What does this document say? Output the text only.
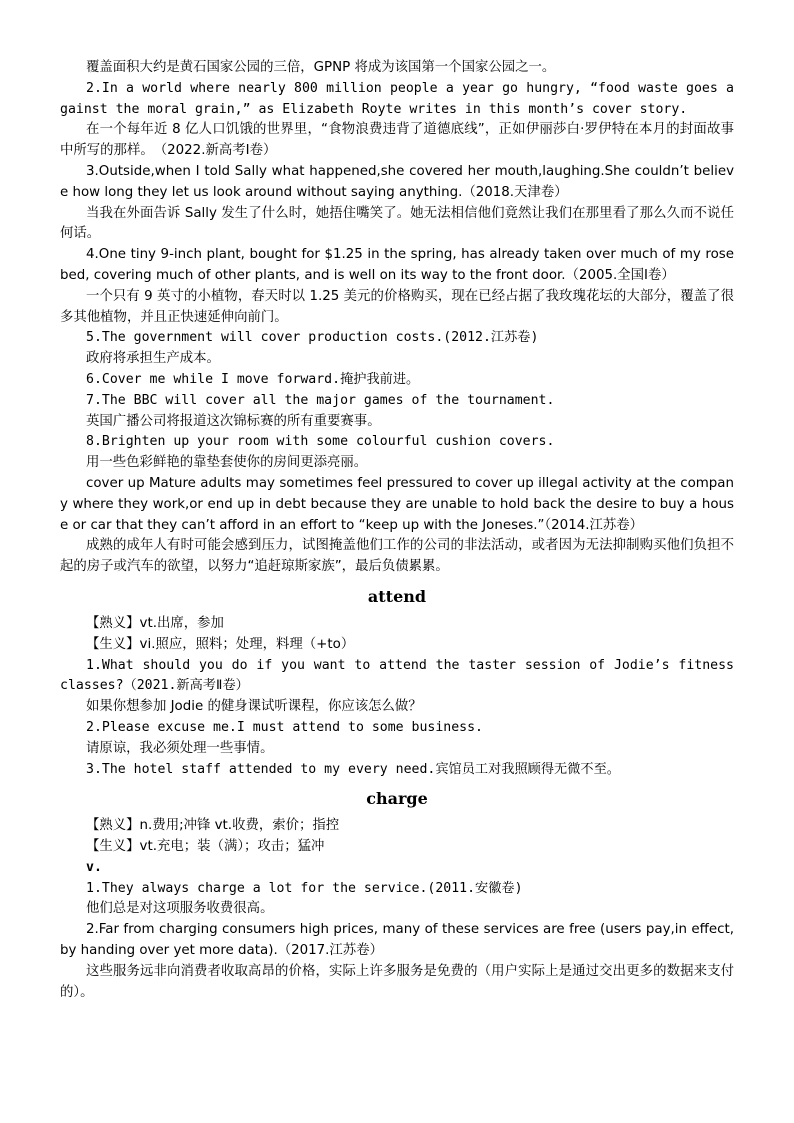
覆盖面积大约是黄石国家公园的三倍，GPNP 将成为该国第一个国家公园之一。

2.In a world where nearly 800 million people a year go hungry, “food waste goes against the moral grain,” as Elizabeth Royte writes in this month’s cover story.

在一个每年近 8 亿人口饥饿的世界里，“食物浪费违背了道德底线”，正如伊丽莎白·罗伊特在本月的封面故事中所写的那样。　（2022.新高考Ⅰ卷）

3.Outside,when I told Sally what happened,she covered her mouth,laughing.She couldn’t believe how long they let us look around without saying anything.（2018.天津卷）

当我在外面告诉 Sally 发生了什么时，她捂住嘴笑了。她无法相信他们竟然让我们在那里看了那么久而不说任何话。

4.One tiny 9-inch plant, bought for $1.25 in the spring, has already taken over much of my rose bed, covering much of other plants, and is well on its way to the front door.（2005.全国Ⅰ卷）

一个只有 9 英寸的小植物，春天时以 1.25 美元的价格购买，现在已经占据了我玫瑰花坛的大部分，覆盖了很多其他植物，并且正快速延伸向前门。

5.The government will cover production costs.(2012.江苏卷)

政府将承担生产成本。

6.Cover me while I move forward.掩护我前进。

7.The BBC will cover all the major games of the tournament.

英国广播公司将报道这次锦标赛的所有重要赛事。

8.Brighten up your room with some colourful cushion covers.

用一些色彩鲜艳的靠垫套使你的房间更添亮丽。

cover up Mature adults may sometimes feel pressured to cover up illegal activity at the company where they work,or end up in debt because they are unable to hold back the desire to buy a house or car that they can’t afford in an effort to “keep up with the Joneses.”（2014.江苏卷）

成熟的成年人有时可能会感到压力，试图掩盖他们工作的公司的非法活动，或者因为无法抑制购买他们负担不起的房子或汽车的欲望，以努力“追赶琼斯家族”，最后负债累累。

attend

【熟义】vt.出席，参加

【生义】vi.照应，照料；处理，料理（+to）

1.What should you do if you want to attend the taster session of Jodie’s fitness classes?（2021.新高考Ⅱ卷）

如果你想参加 Jodie 的健身课试听课程，你应该怎么做？

2.Please excuse me.I must attend to some business.

请原谅，我必须处理一些事情。

3.The hotel staff attended to my every need.宾馆员工对我照顾得无微不至。

charge

【熟义】n.费用;冲锋 vt.收费，索价；指控

【生义】vt.充电；装（满）；攻击；猛冲

v.

1.They always charge a lot for the service.(2011.安徽卷)

他们总是对这项服务收费很高。

2.Far from charging consumers high prices, many of these services are free (users pay,in effect,by handing over yet more data).（2017.江苏卷）

这些服务远非向消费者收取高昂的价格，实际上许多服务是免费的（用户实际上是通过交出更多的数据来支付的）。
